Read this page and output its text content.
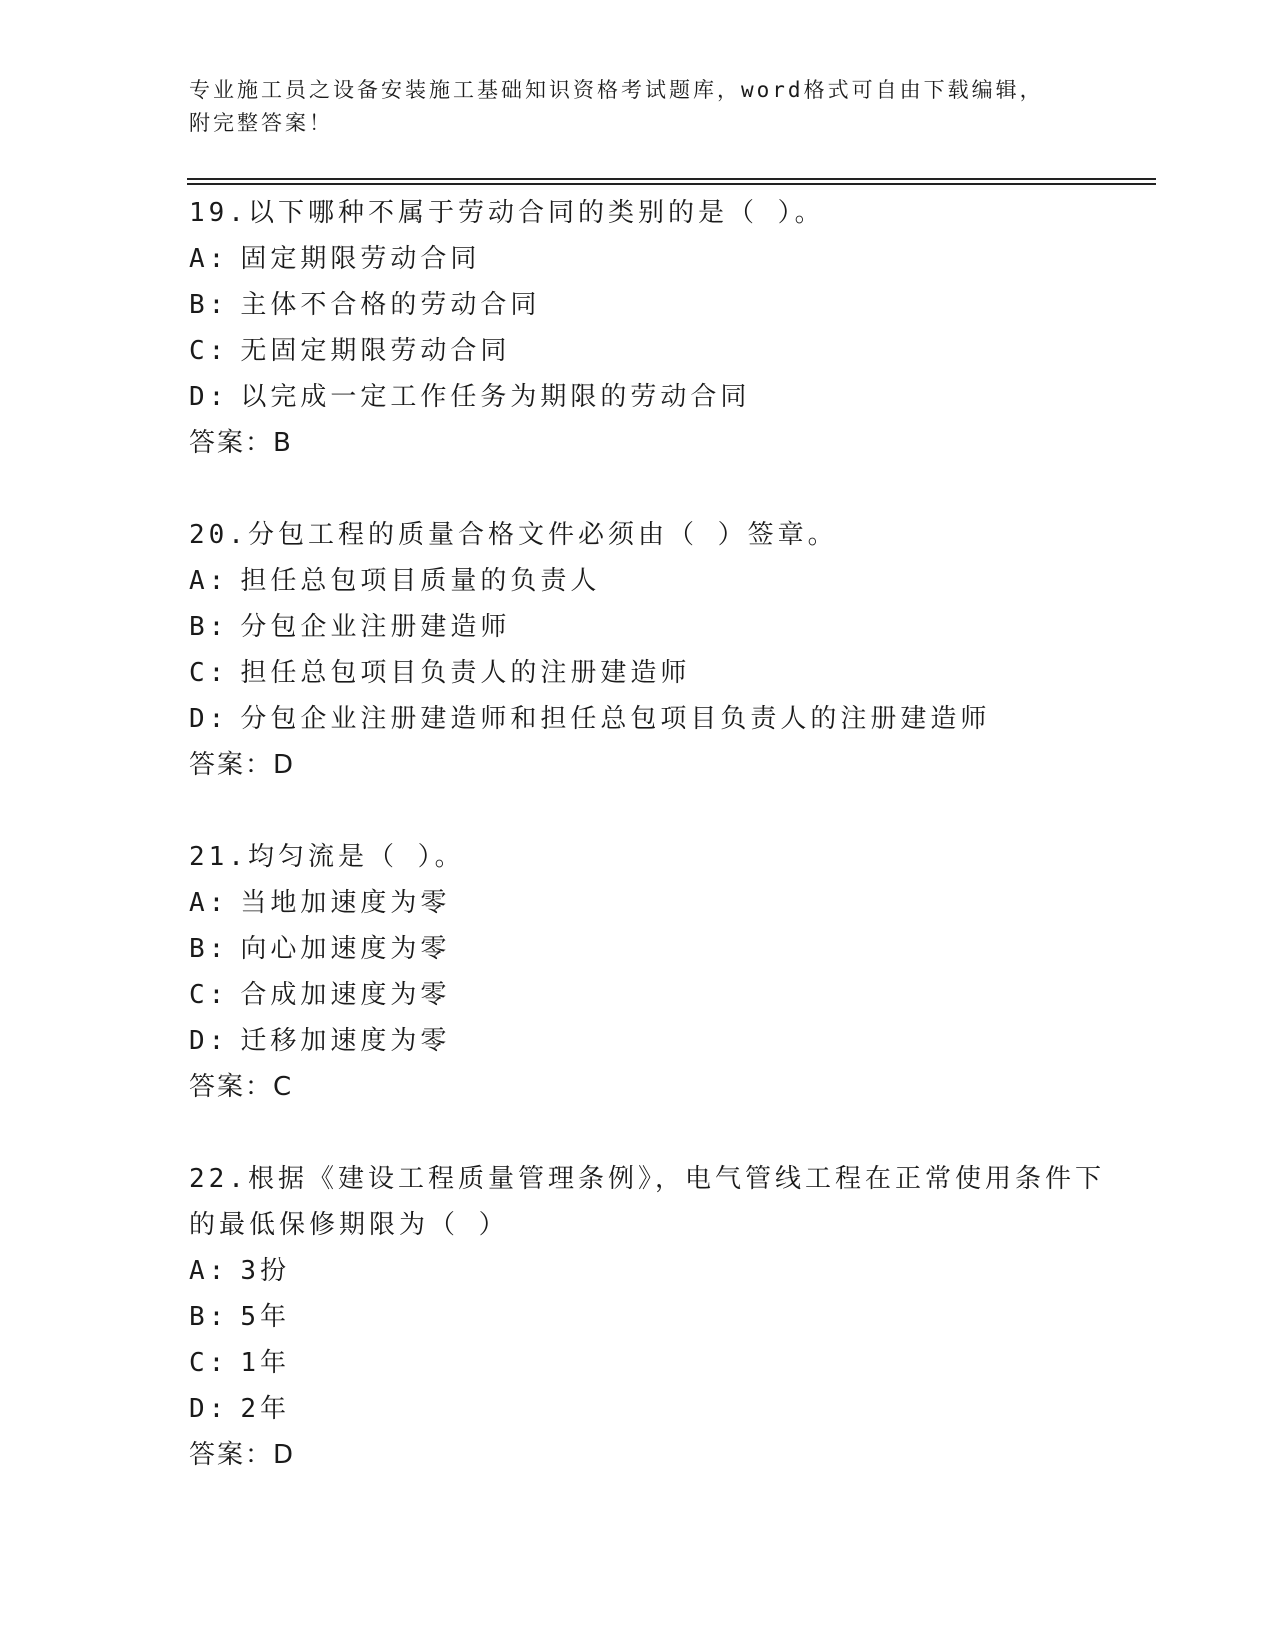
专业施工员之设备安装施工基础知识资格考试题库，word格式可自由下载编辑，
附完整答案！
19.以下哪种不属于劳动合同的类别的是（ ）。
A: 固定期限劳动合同
B: 主体不合格的劳动合同
C: 无固定期限劳动合同
D: 以完成一定工作任务为期限的劳动合同
答案：B
20.分包工程的质量合格文件必须由（ ）签章。
A: 担任总包项目质量的负责人
B: 分包企业注册建造师
C: 担任总包项目负责人的注册建造师
D: 分包企业注册建造师和担任总包项目负责人的注册建造师
答案：D
21.均匀流是（ ）。
A: 当地加速度为零
B: 向心加速度为零
C: 合成加速度为零
D: 迁移加速度为零
答案：C
22.根据《建设工程质量管理条例》，电气管线工程在正常使用条件下
的最低保修期限为（ ）
A: 3扮
B: 5年
C: 1年
D: 2年
答案：D
